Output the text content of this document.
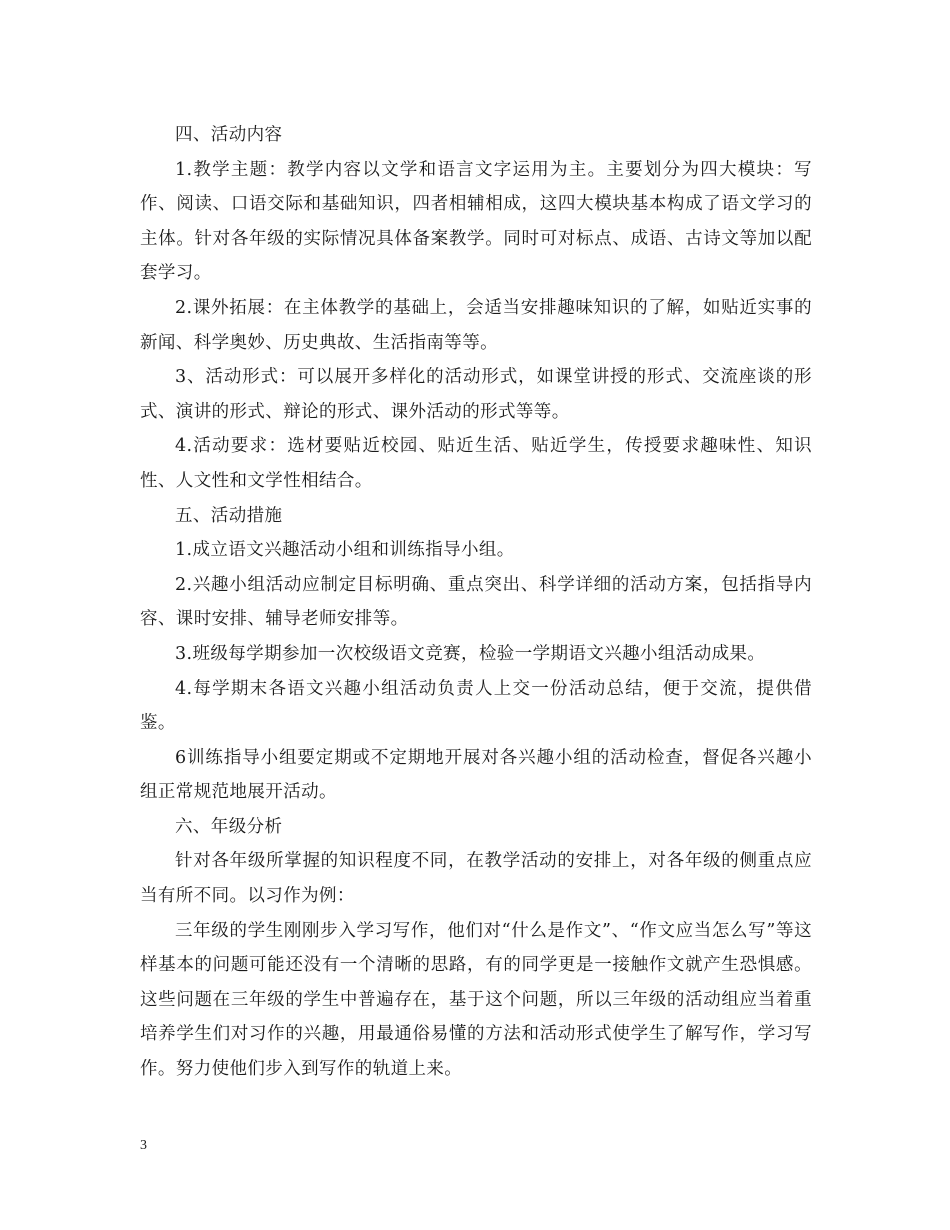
四、活动内容

1.教学主题：教学内容以文学和语言文字运用为主。主要划分为四大模块：写作、阅读、口语交际和基础知识，四者相辅相成，这四大模块基本构成了语文学习的主体。针对各年级的实际情况具体备案教学。同时可对标点、成语、古诗文等加以配套学习。

2.课外拓展：在主体教学的基础上，会适当安排趣味知识的了解，如贴近实事的新闻、科学奥妙、历史典故、生活指南等等。

3、活动形式：可以展开多样化的活动形式，如课堂讲授的形式、交流座谈的形式、演讲的形式、辩论的形式、课外活动的形式等等。

4.活动要求：选材要贴近校园、贴近生活、贴近学生，传授要求趣味性、知识性、人文性和文学性相结合。

五、活动措施

1.成立语文兴趣活动小组和训练指导小组。

2.兴趣小组活动应制定目标明确、重点突出、科学详细的活动方案，包括指导内容、课时安排、辅导老师安排等。

3.班级每学期参加一次校级语文竞赛，检验一学期语文兴趣小组活动成果。

4.每学期末各语文兴趣小组活动负责人上交一份活动总结，便于交流，提供借鉴。

6训练指导小组要定期或不定期地开展对各兴趣小组的活动检查，督促各兴趣小组正常规范地展开活动。

六、年级分析

针对各年级所掌握的知识程度不同，在教学活动的安排上，对各年级的侧重点应当有所不同。以习作为例：

三年级的学生刚刚步入学习写作，他们对“什么是作文”、“作文应当怎么写”等这样基本的问题可能还没有一个清晰的思路，有的同学更是一接触作文就产生恐惧感。这些问题在三年级的学生中普遍存在，基于这个问题，所以三年级的活动组应当着重培养学生们对习作的兴趣，用最通俗易懂的方法和活动形式使学生了解写作，学习写作。努力使他们步入到写作的轨道上来。

3
